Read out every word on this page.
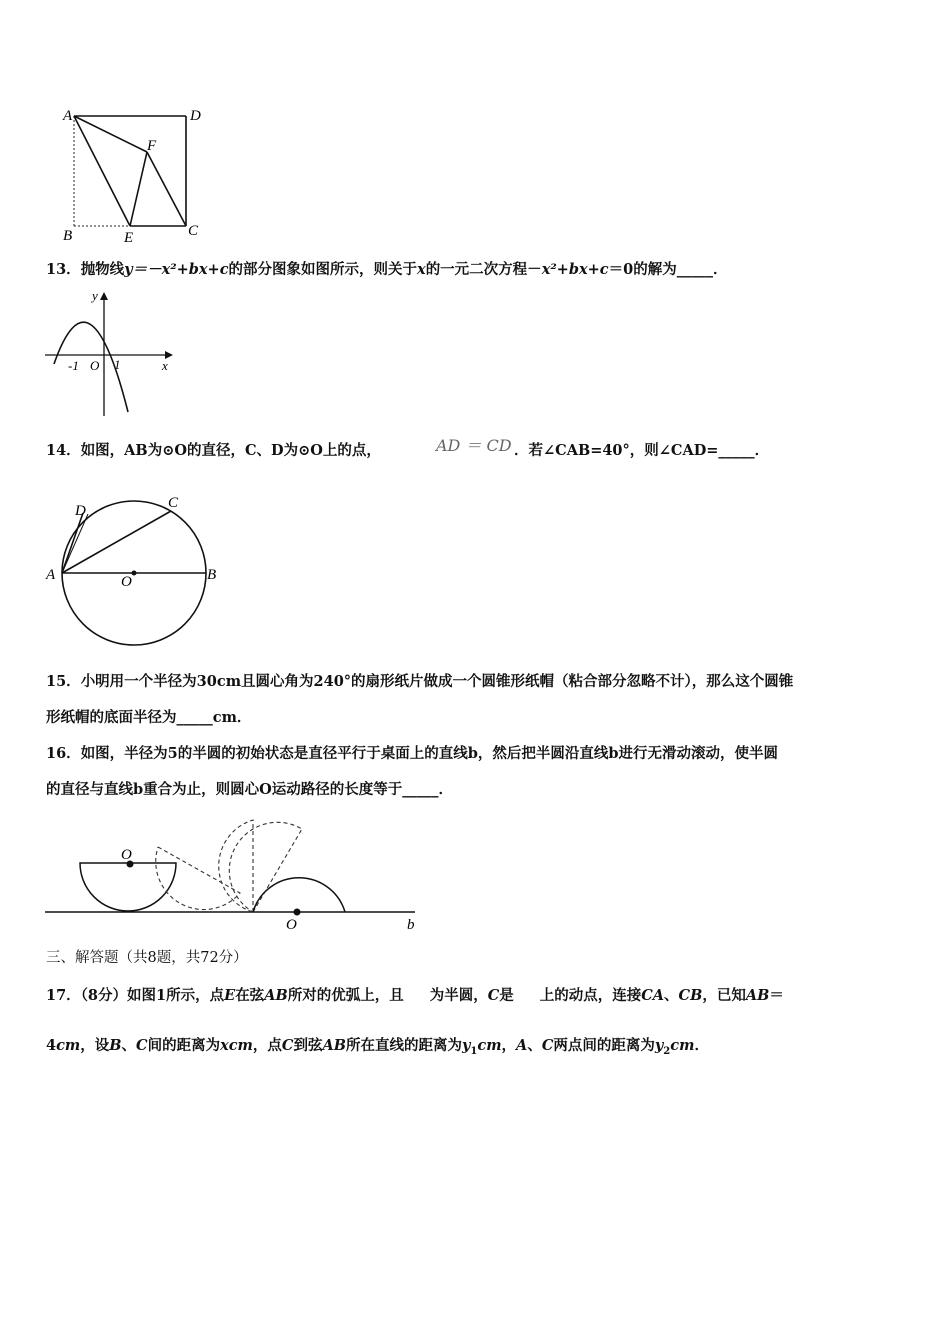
A	D
F
B	E	C
13．抛物线y＝－x²+bx+c的部分图象如图所示，则关于x的一元二次方程－x²+bx+c＝0的解为_____．
y
x
O
-1	1
14．如图，AB为⊙O的直径，C、D为⊙O上的点，	AD ＝ CD ．若∠CAB=40°，则∠CAD=_____．
A	B
C
D
O
15．小明用一个半径为30cm且圆心角为240°的扇形纸片做成一个圆锥形纸帽（粘合部分忽略不计），那么这个圆锥
形纸帽的底面半径为_____cm．
16．如图，半径为5的半圆的初始状态是直径平行于桌面上的直线b，然后把半圆沿直线b进行无滑动滚动，使半圆
的直径与直线b重合为止，则圆心O运动路径的长度等于_____．
O
O	b
三、解答题（共8题，共72分）
17．（8分）如图1所示，点E在弦AB所对的优弧上，且 为半圆，C是 上的动点，连接CA、CB，已知AB＝
4cm，设B、C间的距离为xcm，点C到弦AB所在直线的距离为$y_1cm$，A、C两点间的距离为$y_2cm$．
